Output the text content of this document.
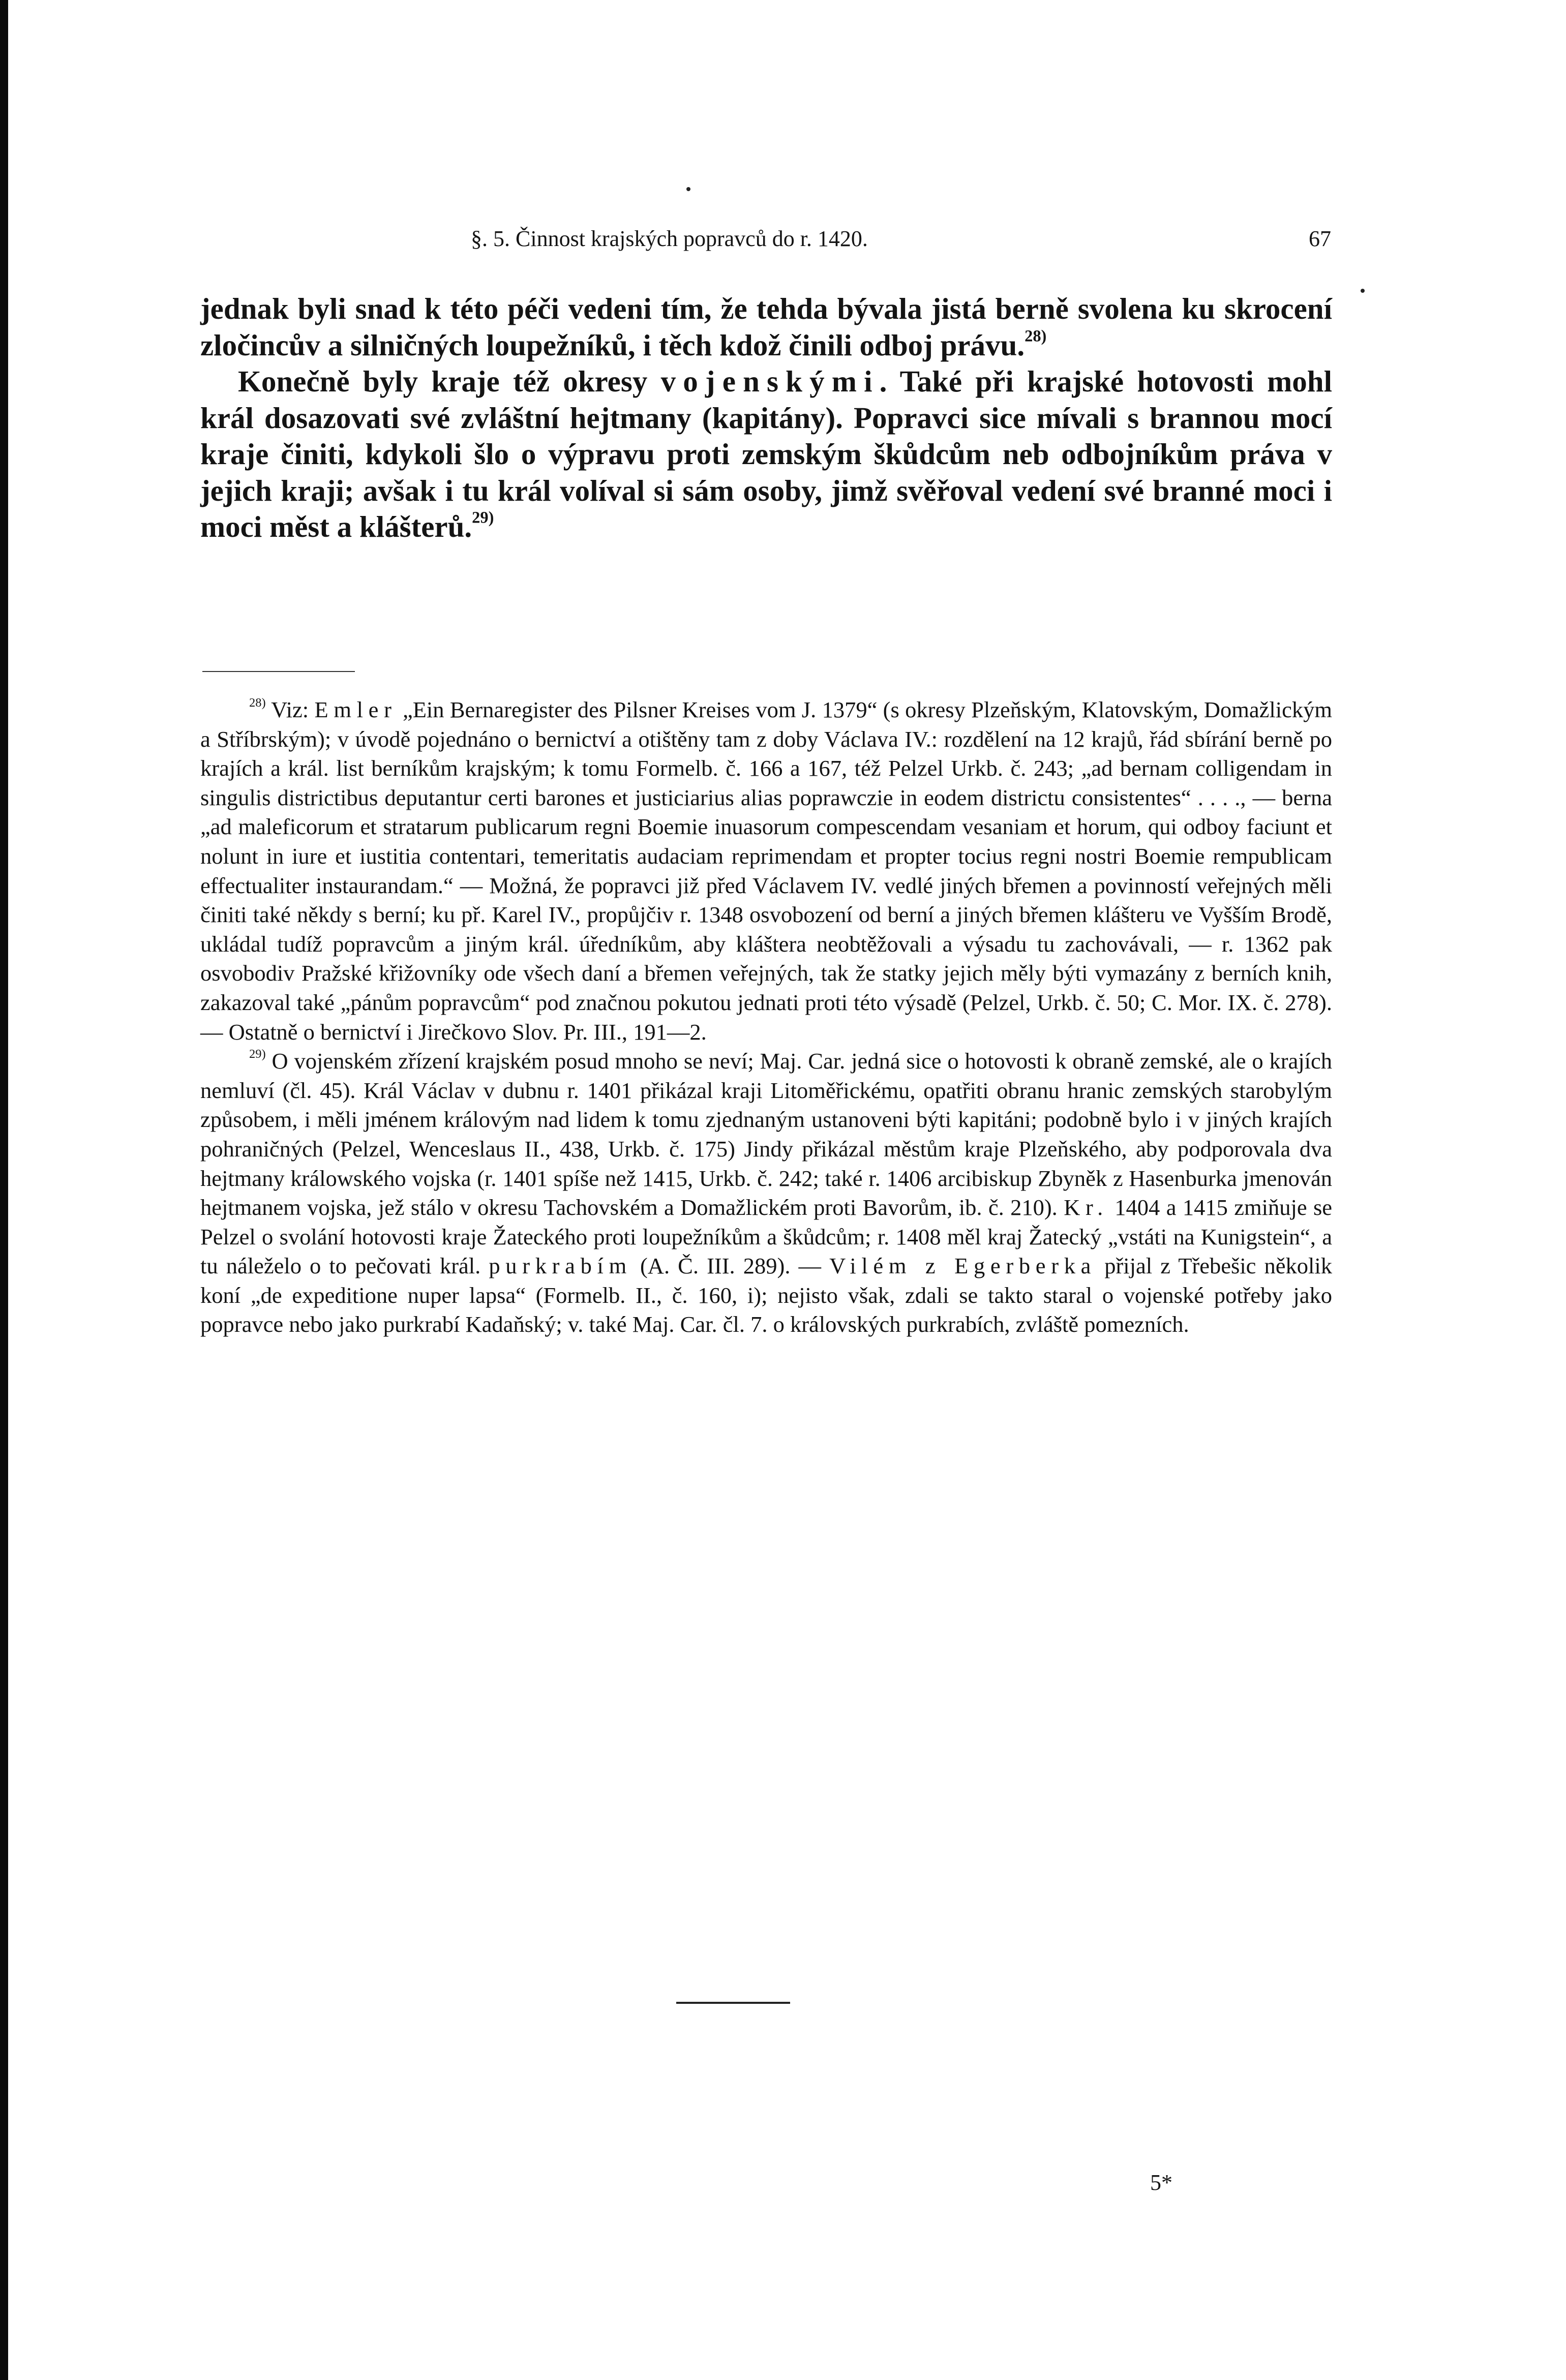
§. 5. Činnost krajských popravců do r. 1420.	67

jednak byli snad k této péči vedeni tím, že tehda bývala jistá berně svolena ku skrocení zločincův a silničných loupežníků, i těch kdož činili odboj právu.$^{28)}$

Konečně byly kraje též okresy vojenskými. Také při krajské hotovosti mohl král dosazovati své zvláštní hejtmany (kapitány). Popravci sice mívali s brannou mocí kraje činiti, kdykoli šlo o výpravu proti zemským škůdcům neb odbojníkům práva v jejich kraji; avšak i tu král volíval si sám osoby, jimž svěřoval vedení své branné moci i moci měst a klášterů.$^{29)}$

$^{28)}$ Viz: Emler „Ein Bernaregister des Pilsner Kreises vom J. 1379“ (s okresy Plzeňským, Klatovským, Domažlickým a Stříbrským); v úvodě pojednáno o bernictví a otištěny tam z doby Václava IV.: rozdělení na 12 krajů, řád sbírání berně po krajích a král. list berníkům krajským; k tomu Formelb. č. 166 a 167, též Pelzel Urkb. č. 243; „ad bernam colligendam in singulis districtibus deputantur certi barones et justiciarius alias poprawczie in eodem districtu consistentes“ . . . ., — berna „ad maleficorum et stratarum publicarum regni Boemie inuasorum compescendam vesaniam et horum, qui odboy faciunt et nolunt in iure et iustitia contentari, temeritatis audaciam reprimendam et propter tocius regni nostri Boemie rempublicam effectualiter instaurandam.“ — Možná, že popravci již před Václavem IV. vedlé jiných břemen a povinností veřejných měli činiti také někdy s berní; ku př. Karel IV., propůjčiv r. 1348 osvobození od berní a jiných břemen klášteru ve Vyšším Brodě, ukládal tudíž popravcům a jiným král. úředníkům, aby kláštera neobtěžovali a výsadu tu zachovávali, — r. 1362 pak osvobodiv Pražské křižovníky ode všech daní a břemen veřejných, tak že statky jejich měly býti vymazány z berních knih, zakazoval také „pánům popravcům“ pod značnou pokutou jednati proti této výsadě (Pelzel, Urkb. č. 50; C. Mor. IX. č. 278). — Ostatně o bernictví i Jirečkovo Slov. Pr. III., 191—2.

$^{29)}$ O vojenském zřízení krajském posud mnoho se neví; Maj. Car. jedná sice o hotovosti k obraně zemské, ale o krajích nemluví (čl. 45). Král Václav v dubnu r. 1401 přikázal kraji Litoměřickému, opatřiti obranu hranic zemských starobylým způsobem, i měli jménem královým nad lidem k tomu zjednaným ustanoveni býti kapitáni; podobně bylo i v jiných krajích pohraničných (Pelzel, Wenceslaus II., 438, Urkb. č. 175) Jindy přikázal městům kraje Plzeňského, aby podporovala dva hejtmany králowského vojska (r. 1401 spíše než 1415, Urkb. č. 242; také r. 1406 arcibiskup Zbyněk z Hasenburka jmenován hejtmanem vojska, jež stálo v okresu Tachovském a Domažlickém proti Bavorům, ib. č. 210). Kr. 1404 a 1415 zmiňuje se Pelzel o svolání hotovosti kraje Žateckého proti loupežníkům a škůdcům; r. 1408 měl kraj Žatecký „vstáti na Kunigstein“, a tu náleželo o to pečovati král. purkrabím (A. Č. III. 289). — Vilém z Egerberka přijal z Třebešic několik koní „de expeditione nuper lapsa“ (Formelb. II., č. 160, i); nejisto však, zdali se takto staral o vojenské potřeby jako popravce nebo jako purkrabí Kadaňský; v. také Maj. Car. čl. 7. o královských purkrabích, zvláště pomezních.

5*
